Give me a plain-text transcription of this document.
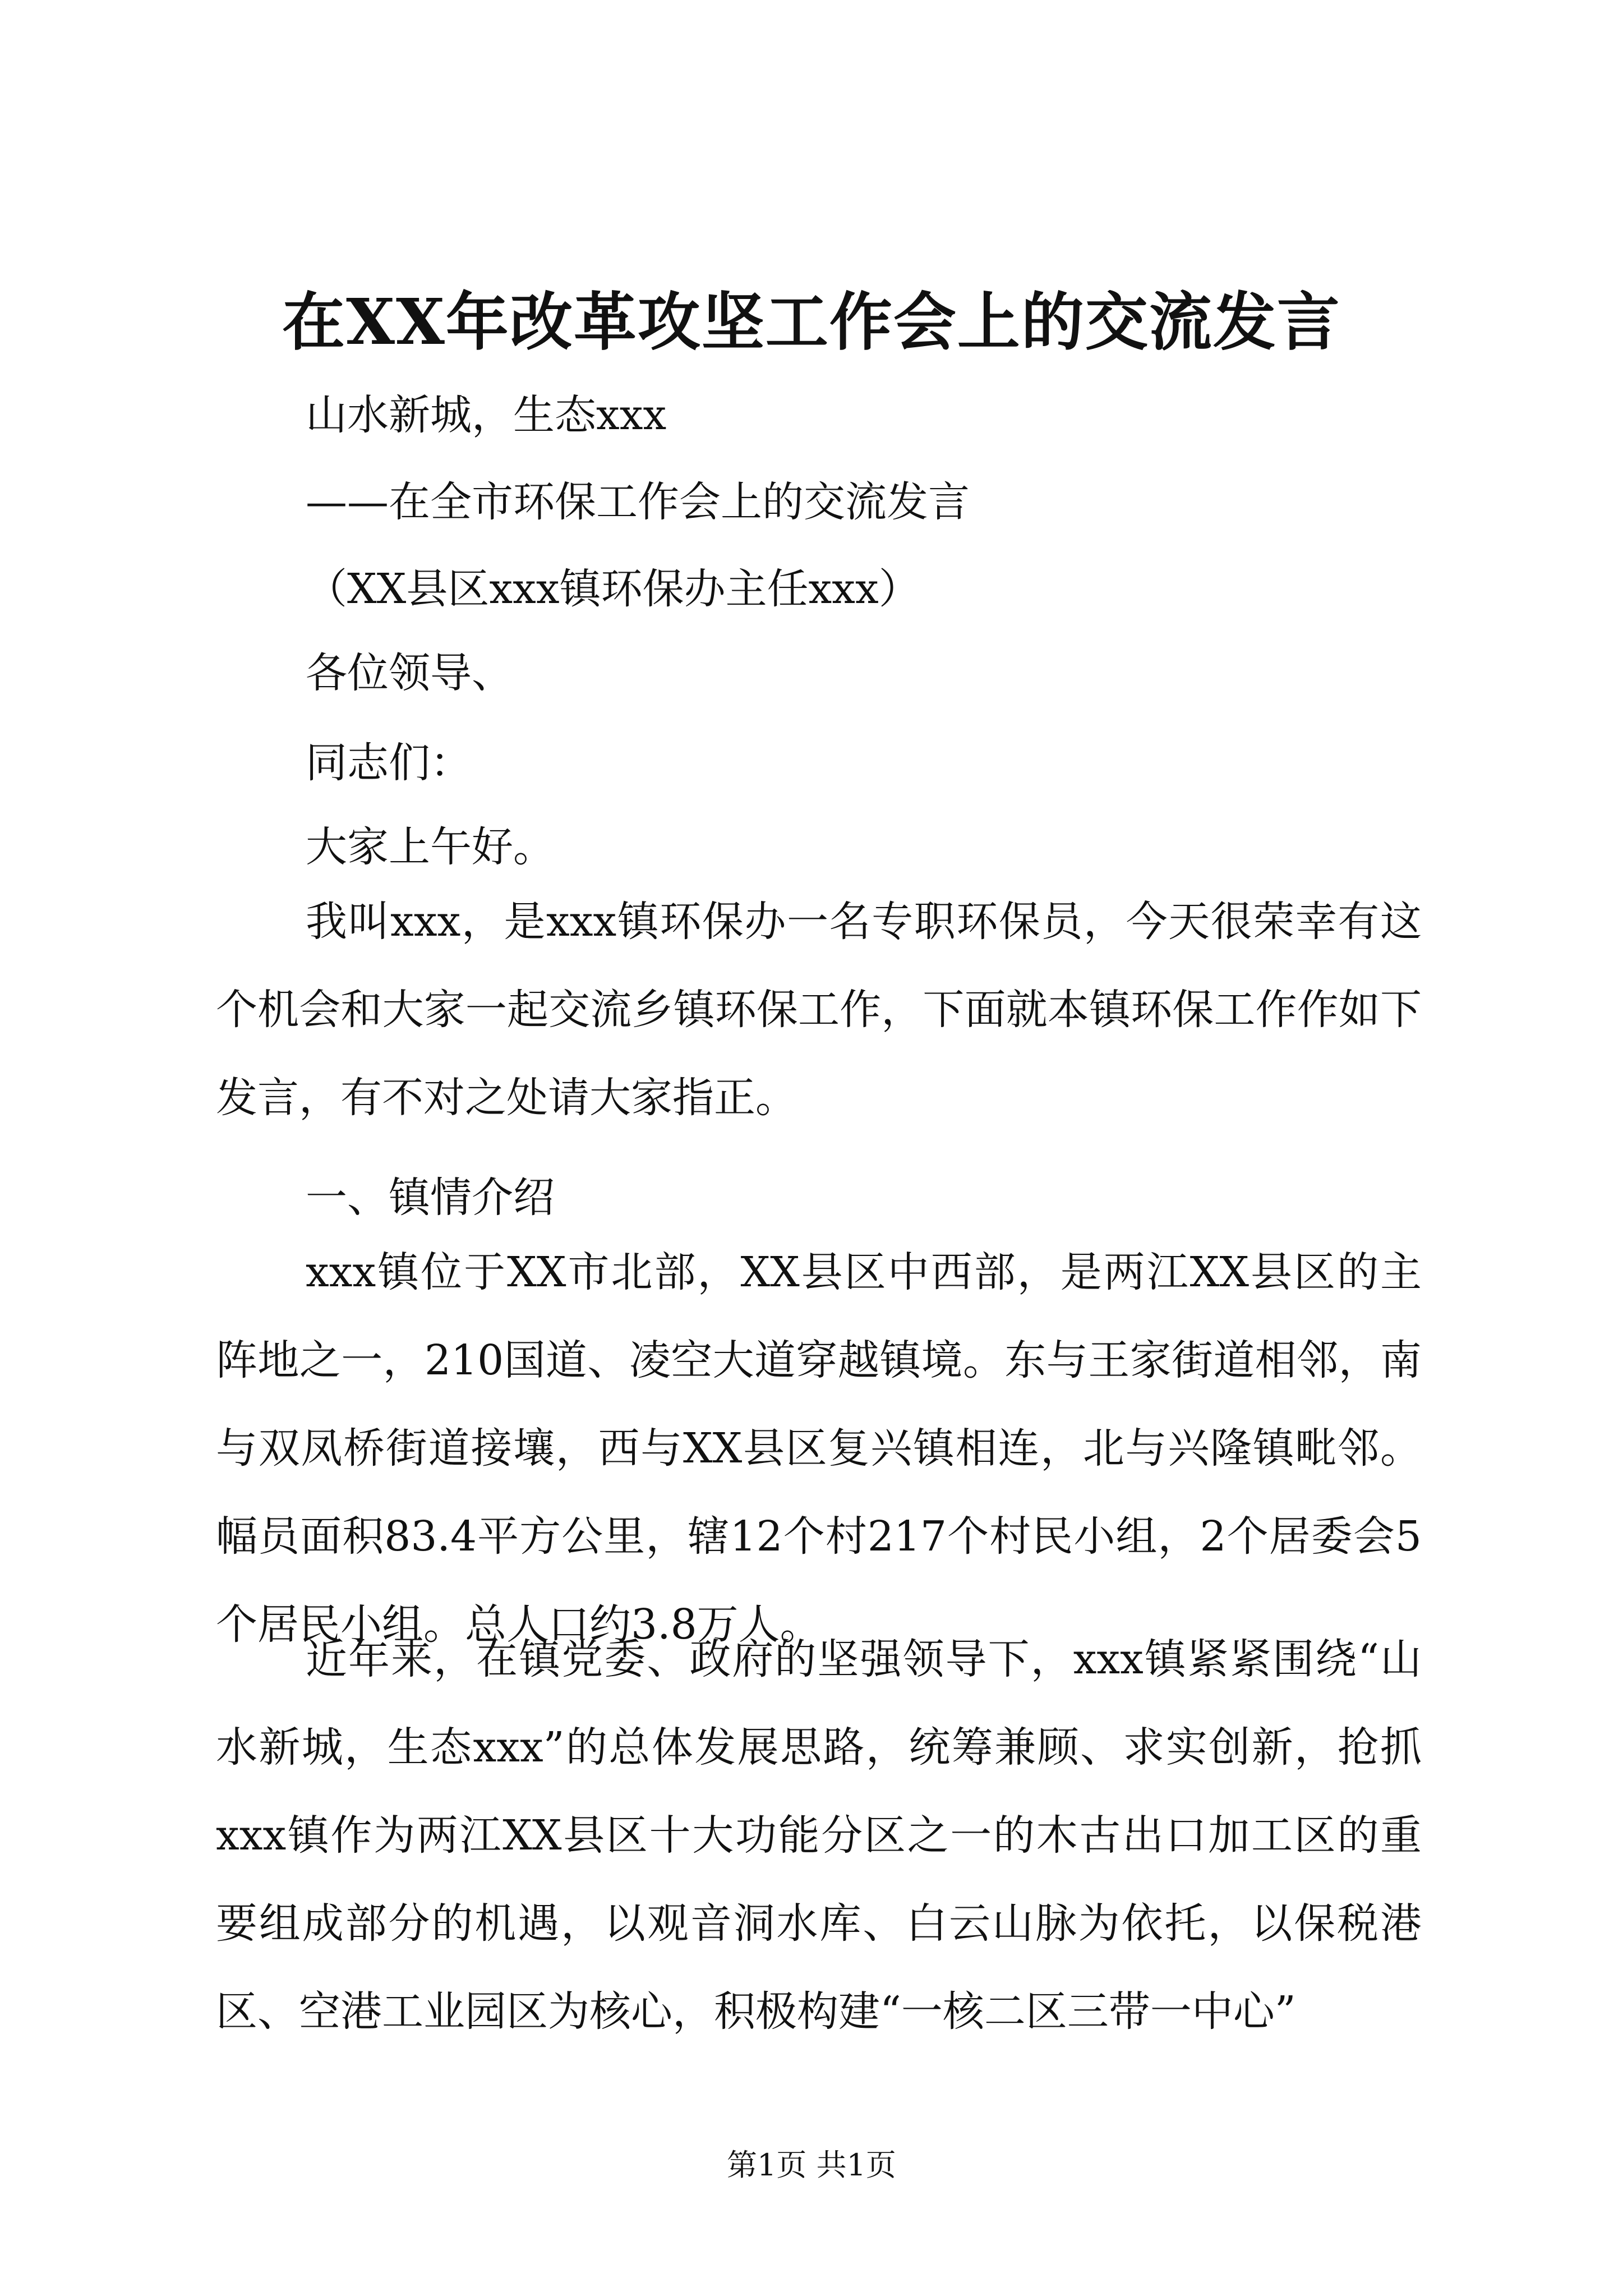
在XX年改革攻坚工作会上的交流发言
山水新城，生态xxx
——在全市环保工作会上的交流发言
（XX县区xxx镇环保办主任xxx）
各位领导、
同志们：
大家上午好。

我叫xxx，是xxx镇环保办一名专职环保员，今天很荣幸有这个机会和大家一起交流乡镇环保工作，下面就本镇环保工作作如下发言，有不对之处请大家指正。

一、镇情介绍

xxx镇位于XX市北部，XX县区中西部，是两江XX县区的主阵地之一，210国道、凌空大道穿越镇境。东与王家街道相邻，南与双凤桥街道接壤，西与XX县区复兴镇相连，北与兴隆镇毗邻。幅员面积83.4平方公里，辖12个村217个村民小组，2个居委会5个居民小组。总人口约3.8万人。

近年来，在镇党委、政府的坚强领导下，xxx镇紧紧围绕“山水新城，生态xxx”的总体发展思路，统筹兼顾、求实创新，抢抓xxx镇作为两江XX县区十大功能分区之一的木古出口加工区的重要组成部分的机遇，以观音洞水库、白云山脉为依托，以保税港区、空港工业园区为核心，积极构建“一核二区三带一中心”

第1页 共1页
